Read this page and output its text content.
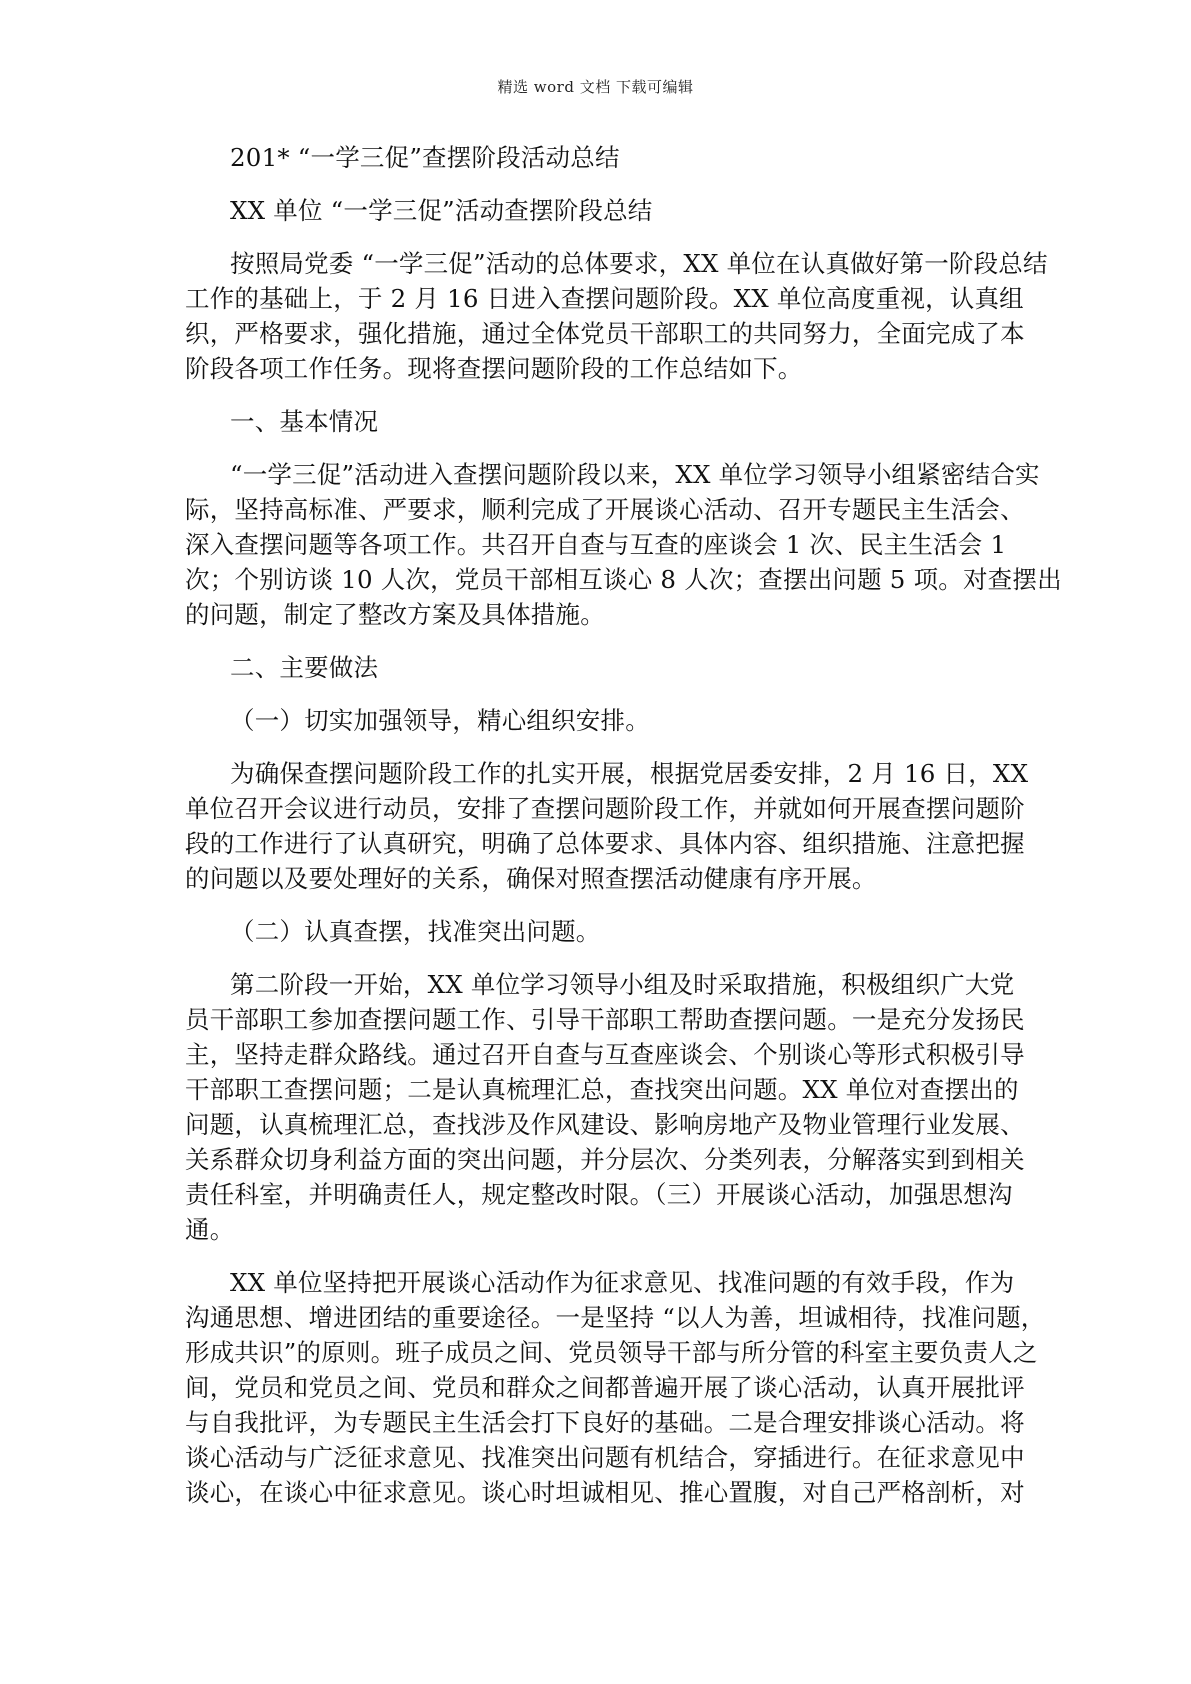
精选 word 文档 下载可编辑
201* “一学三促”查摆阶段活动总结
XX 单位 “一学三促”活动查摆阶段总结
按照局党委 “一学三促”活动的总体要求，XX 单位在认真做好第一阶段总结
工作的基础上，于 2 月 16 日进入查摆问题阶段。XX 单位高度重视，认真组
织，严格要求，强化措施，通过全体党员干部职工的共同努力，全面完成了本
阶段各项工作任务。现将查摆问题阶段的工作总结如下。
一、基本情况
“一学三促”活动进入查摆问题阶段以来，XX 单位学习领导小组紧密结合实
际，坚持高标准、严要求，顺利完成了开展谈心活动、召开专题民主生活会、
深入查摆问题等各项工作。共召开自查与互查的座谈会 1 次、民主生活会 1
次；个别访谈 10 人次，党员干部相互谈心 8 人次；查摆出问题 5 项。对查摆出
的问题，制定了整改方案及具体措施。
二、主要做法
（一）切实加强领导，精心组织安排。
为确保查摆问题阶段工作的扎实开展，根据党居委安排，2 月 16 日，XX
单位召开会议进行动员，安排了查摆问题阶段工作，并就如何开展查摆问题阶
段的工作进行了认真研究，明确了总体要求、具体内容、组织措施、注意把握
的问题以及要处理好的关系，确保对照查摆活动健康有序开展。
（二）认真查摆，找准突出问题。
第二阶段一开始，XX 单位学习领导小组及时采取措施，积极组织广大党
员干部职工参加查摆问题工作、引导干部职工帮助查摆问题。一是充分发扬民
主，坚持走群众路线。通过召开自查与互查座谈会、个别谈心等形式积极引导
干部职工查摆问题；二是认真梳理汇总，查找突出问题。XX 单位对查摆出的
问题，认真梳理汇总，查找涉及作风建设、影响房地产及物业管理行业发展、
关系群众切身利益方面的突出问题，并分层次、分类列表，分解落实到到相关
责任科室，并明确责任人，规定整改时限。（三）开展谈心活动，加强思想沟
通。
XX 单位坚持把开展谈心活动作为征求意见、找准问题的有效手段，作为
沟通思想、增进团结的重要途径。一是坚持 “以人为善，坦诚相待，找准问题，
形成共识”的原则。班子成员之间、党员领导干部与所分管的科室主要负责人之
间，党员和党员之间、党员和群众之间都普遍开展了谈心活动，认真开展批评
与自我批评，为专题民主生活会打下良好的基础。二是合理安排谈心活动。将
谈心活动与广泛征求意见、找准突出问题有机结合，穿插进行。在征求意见中
谈心，在谈心中征求意见。谈心时坦诚相见、推心置腹，对自己严格剖析，对
